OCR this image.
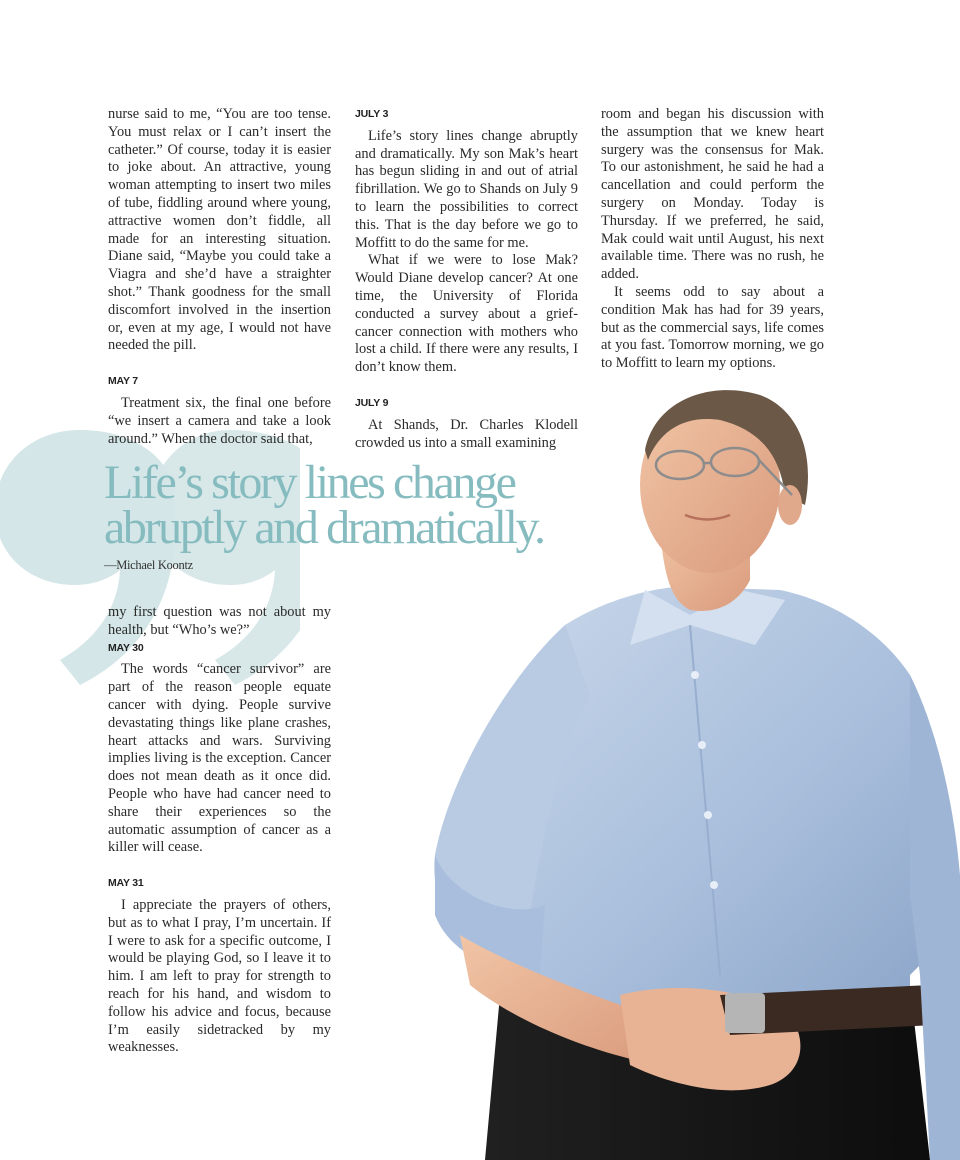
nurse said to me, “You are too tense. You must relax or I can’t insert the catheter.” Of course, today it is easier to joke about. An attractive, young woman attempting to insert two miles of tube, fiddling around where young, attractive women don’t fiddle, all made for an interesting situation. Diane said, “Maybe you could take a Viagra and she’d have a straighter shot.” Thank goodness for the small discomfort involved in the insertion or, even at my age, I would not have needed the pill.

MAY 7

Treatment six, the final one before “we insert a camera and take a look around.” When the doctor said that,

JULY 3

Life’s story lines change abruptly and dramatically. My son Mak’s heart has begun sliding in and out of atrial fibrillation. We go to Shands on July 9 to learn the possibilities to correct this. That is the day before we go to Moffitt to do the same for me.

What if we were to lose Mak? Would Diane develop cancer? At one time, the University of Florida conducted a survey about a grief-cancer connection with mothers who lost a child. If there were any results, I don’t know them.

JULY 9

At Shands, Dr. Charles Klodell crowded us into a small examining

room and began his discussion with the assumption that we knew heart surgery was the consensus for Mak. To our astonishment, he said he had a cancellation and could perform the surgery on Monday. Today is Thursday. If we preferred, he said, Mak could wait until August, his next available time. There was no rush, he added.

It seems odd to say about a condition Mak has had for 39 years, but as the commercial says, life comes at you fast. Tomorrow morning, we go to Moffitt to learn my options.

Life’s story lines change
abruptly and dramatically.
—Michael Koontz

my first question was not about my health, but “Who’s we?”

MAY 30

The words “cancer survivor” are part of the reason people equate cancer with dying. People survive devastating things like plane crashes, heart attacks and wars. Surviving implies living is the exception. Cancer does not mean death as it once did. People who have had cancer need to share their experiences so the automatic assumption of cancer as a killer will cease.

MAY 31

I appreciate the prayers of others, but as to what I pray, I’m uncertain. If I were to ask for a specific outcome, I would be playing God, so I leave it to him. I am left to pray for strength to reach for his hand, and wisdom to follow his advice and focus, because I’m easily sidetracked by my weaknesses.
